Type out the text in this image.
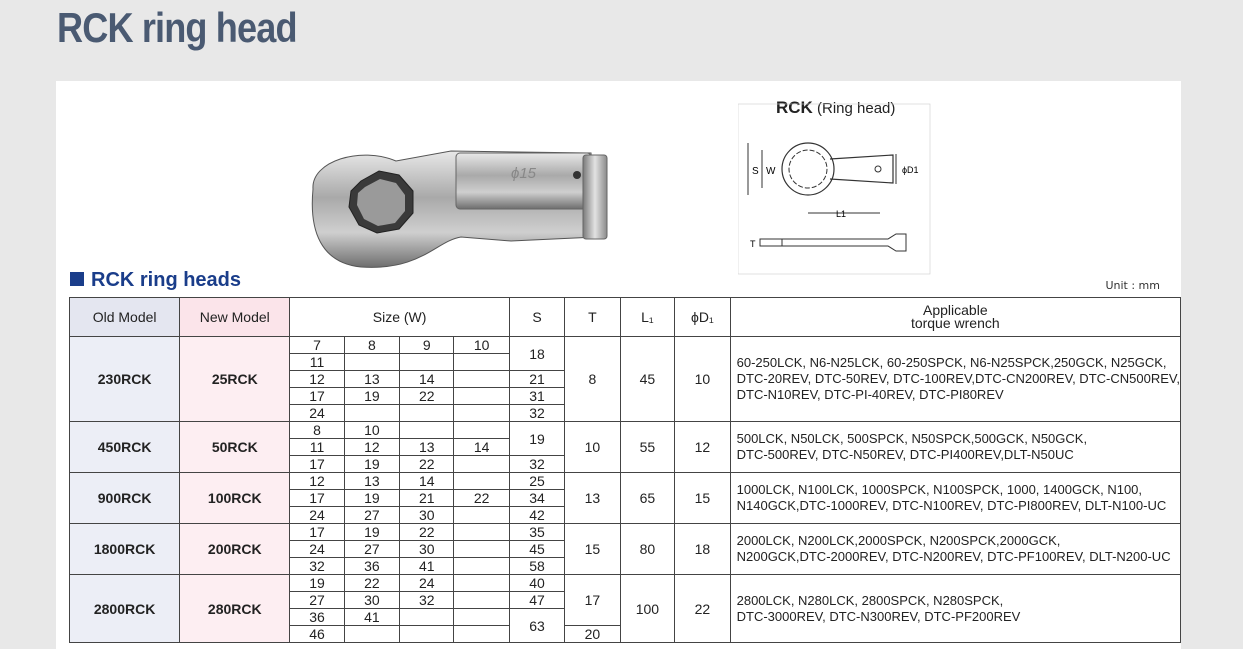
RCK ring head
ϕ15
RCK (Ring head)
S W	ϕD1
L1
T
RCK ring heads	Unit : mm
Old Model	New Model	Size (W)				S	T	L₁	ϕD₁	Applicable
torque wrench

230RCK	25RCK	7	8	9	10	18	8	45	10	60-250LCK, N6-N25LCK, 60-250SPCK, N6-N25SPCK,250GCK, N25GCK,
DTC-20REV, DTC-50REV, DTC-100REV,DTC-CN200REV, DTC-CN500REV,
DTC-N10REV, DTC-PI-40REV, DTC-PI80REV

		11								
		12	13	14		21				
		17	19	22		31				
		24				32				
450RCK	50RCK	8	10			19	10	55	12	500LCK, N50LCK, 500SPCK, N50SPCK,500GCK, N50GCK,
DTC-500REV, DTC-N50REV, DTC-PI400REV,DLT-N50UC

		11	12	13	14					
		17	19	22		32				
900RCK	100RCK	12	13	14		25	13	65	15	1000LCK, N100LCK, 1000SPCK, N100SPCK, 1000, 1400GCK, N100,
N140GCK,DTC-1000REV, DTC-N100REV, DTC-PI800REV, DLT-N100-UC

		17	19	21	22	34				
		24	27	30		42				
1800RCK	200RCK	17	19	22		35	15	80	18	2000LCK, N200LCK,2000SPCK, N200SPCK,2000GCK,
N200GCK,DTC-2000REV, DTC-N200REV, DTC-PF100REV, DLT-N200-UC

		24	27	30		45				
		32	36	41		58				
2800RCK	280RCK	19	22	24		40	17	100	22	2800LCK, N280LCK, 2800SPCK, N280SPCK,
DTC-3000REV, DTC-N300REV, DTC-PF200REV

		27	30	32		47				
		36	41			63				
		46					20			
